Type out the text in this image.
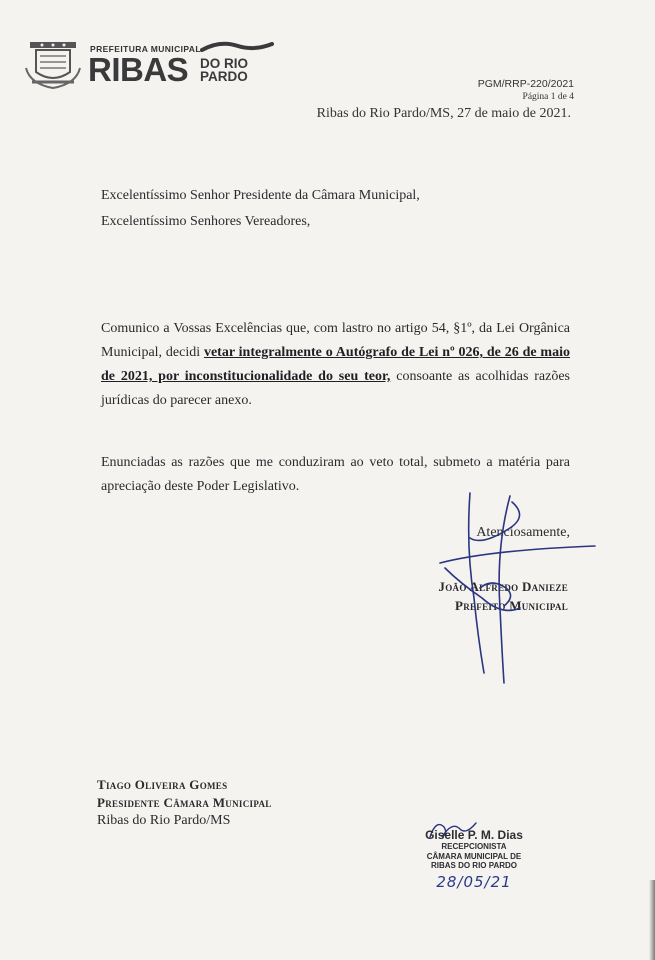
PREFEITURA MUNICIPAL
RIBAS DO RIO
PARDO	PGM/RRP-220/2021
Página 1 de 4
Ribas do Rio Pardo/MS, 27 de maio de 2021.
Excelentíssimo Senhor Presidente da Câmara Municipal,
Excelentíssimo Senhores Vereadores,
Comunico a Vossas Excelências que, com lastro no artigo 54, §1º, da Lei Orgânica Municipal, decidi vetar integralmente o Autógrafo de Lei nº 026, de 26 de maio de 2021, por inconstitucionalidade do seu teor, consoante as acolhidas razões jurídicas do parecer anexo.
Enunciadas as razões que me conduziram ao veto total, submeto a matéria para apreciação deste Poder Legislativo.
Atenciosamente,
João Alfredo Danieze
Prefeito Municipal
Tiago Oliveira Gomes
Presidente Câmara Municipal
Ribas do Rio Pardo/MS
Giselle P. M. Dias
RECEPCIONISTA
CÂMARA MUNICIPAL DE
RIBAS DO RIO PARDO
28/05/21
